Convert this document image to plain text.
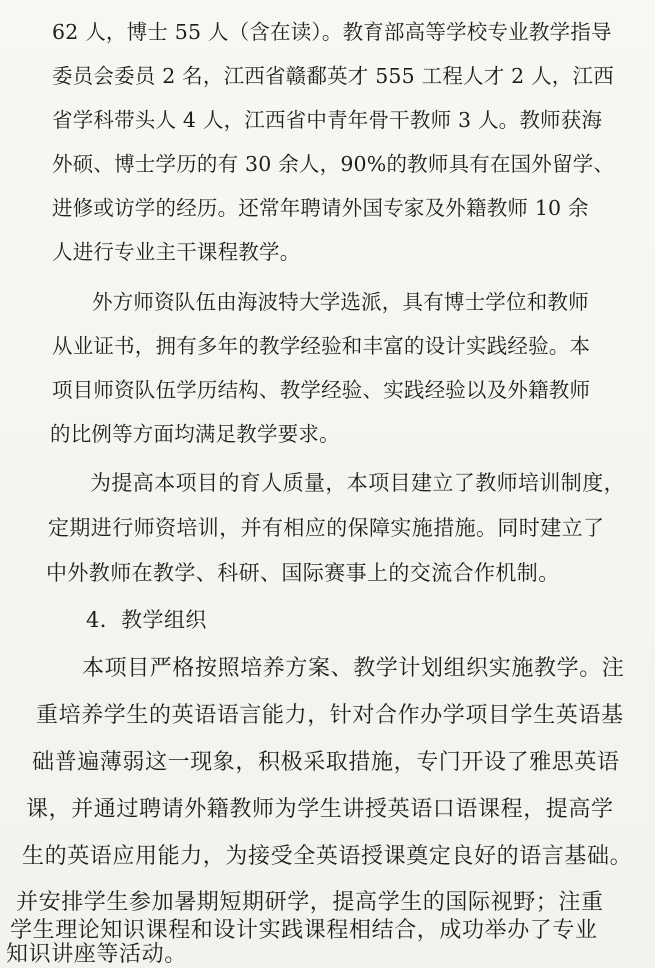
62 人，博士 55 人（含在读）。教育部高等学校专业教学指导
委员会委员 2 名，江西省赣鄱英才 555 工程人才 2 人，江西
省学科带头人 4 人，江西省中青年骨干教师 3 人。教师获海
外硕、博士学历的有 30 余人，90%的教师具有在国外留学、
进修或访学的经历。还常年聘请外国专家及外籍教师 10 余
人进行专业主干课程教学。
外方师资队伍由海波特大学选派，具有博士学位和教师
从业证书，拥有多年的教学经验和丰富的设计实践经验。本
项目师资队伍学历结构、教学经验、实践经验以及外籍教师
的比例等方面均满足教学要求。
为提高本项目的育人质量，本项目建立了教师培训制度，
定期进行师资培训，并有相应的保障实施措施。同时建立了
中外教师在教学、科研、国际赛事上的交流合作机制。
4．教学组织
本项目严格按照培养方案、教学计划组织实施教学。注
重培养学生的英语语言能力，针对合作办学项目学生英语基
础普遍薄弱这一现象，积极采取措施，专门开设了雅思英语
课，并通过聘请外籍教师为学生讲授英语口语课程，提高学
生的英语应用能力，为接受全英语授课奠定良好的语言基础。
并安排学生参加暑期短期研学，提高学生的国际视野；注重
学生理论知识课程和设计实践课程相结合，成功举办了专业
知识讲座等活动。
